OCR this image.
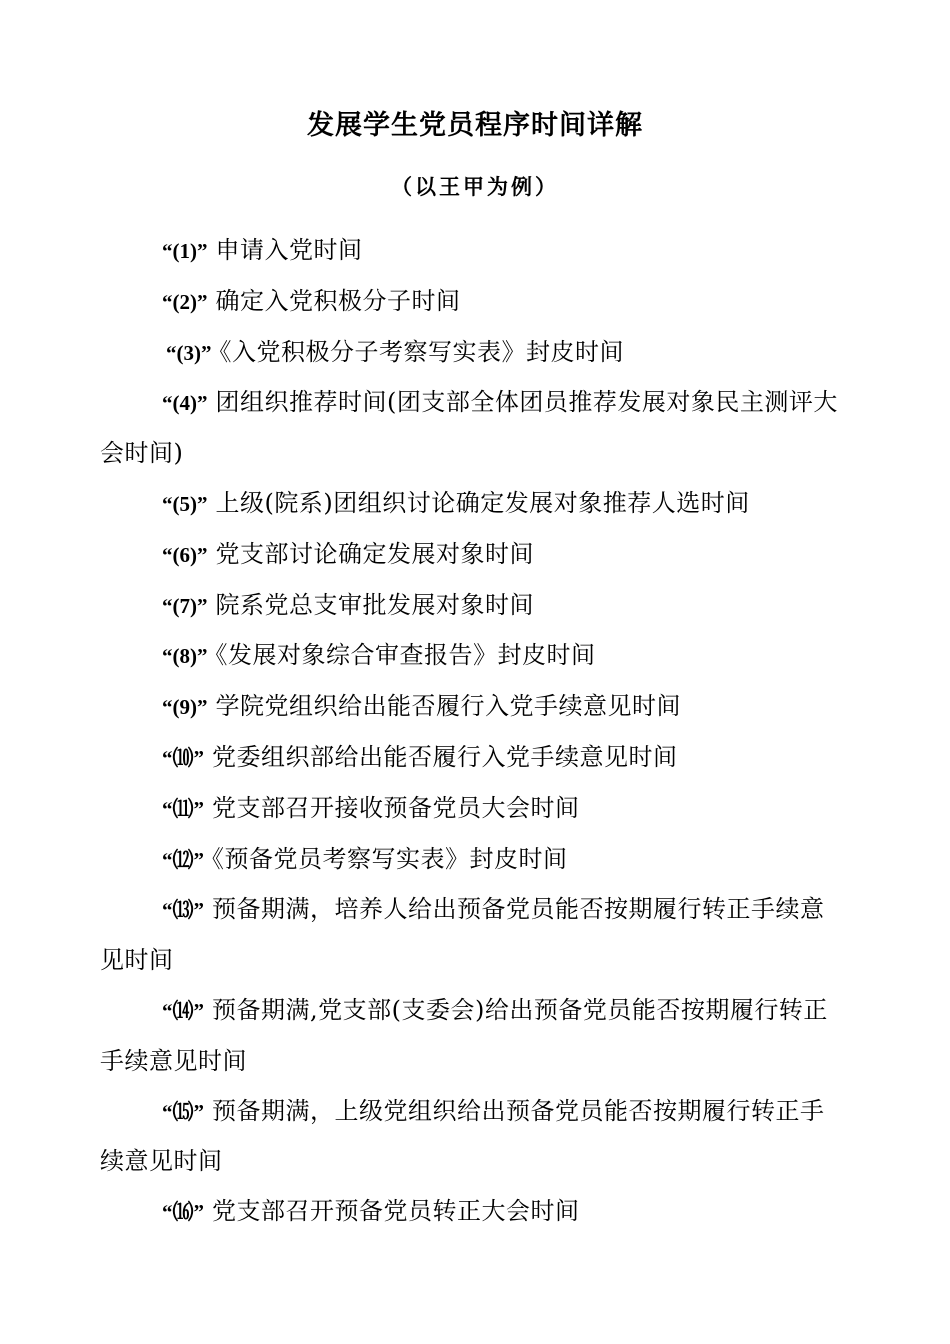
发展学生党员程序时间详解
（以王甲为例）

“(1)” 申请入党时间

“(2)” 确定入党积极分子时间

“(3)” 《入党积极分子考察写实表》封皮时间

“(4)” 团组织推荐时间(团支部全体团员推荐发展对象民主测评大会时间)

“(5)” 上级(院系)团组织讨论确定发展对象推荐人选时间

“(6)” 党支部讨论确定发展对象时间

“(7)” 院系党总支审批发展对象时间

“(8)” 《发展对象综合审查报告》封皮时间

“(9)” 学院党组织给出能否履行入党手续意见时间

“⑽” 党委组织部给出能否履行入党手续意见时间

“⑾” 党支部召开接收预备党员大会时间

“⑿” 《预备党员考察写实表》封皮时间

“⒀” 预备期满，培养人给出预备党员能否按期履行转正手续意见时间

“⒁” 预备期满,党支部(支委会)给出预备党员能否按期履行转正手续意见时间

“⒂” 预备期满，上级党组织给出预备党员能否按期履行转正手续意见时间

“⒃” 党支部召开预备党员转正大会时间
